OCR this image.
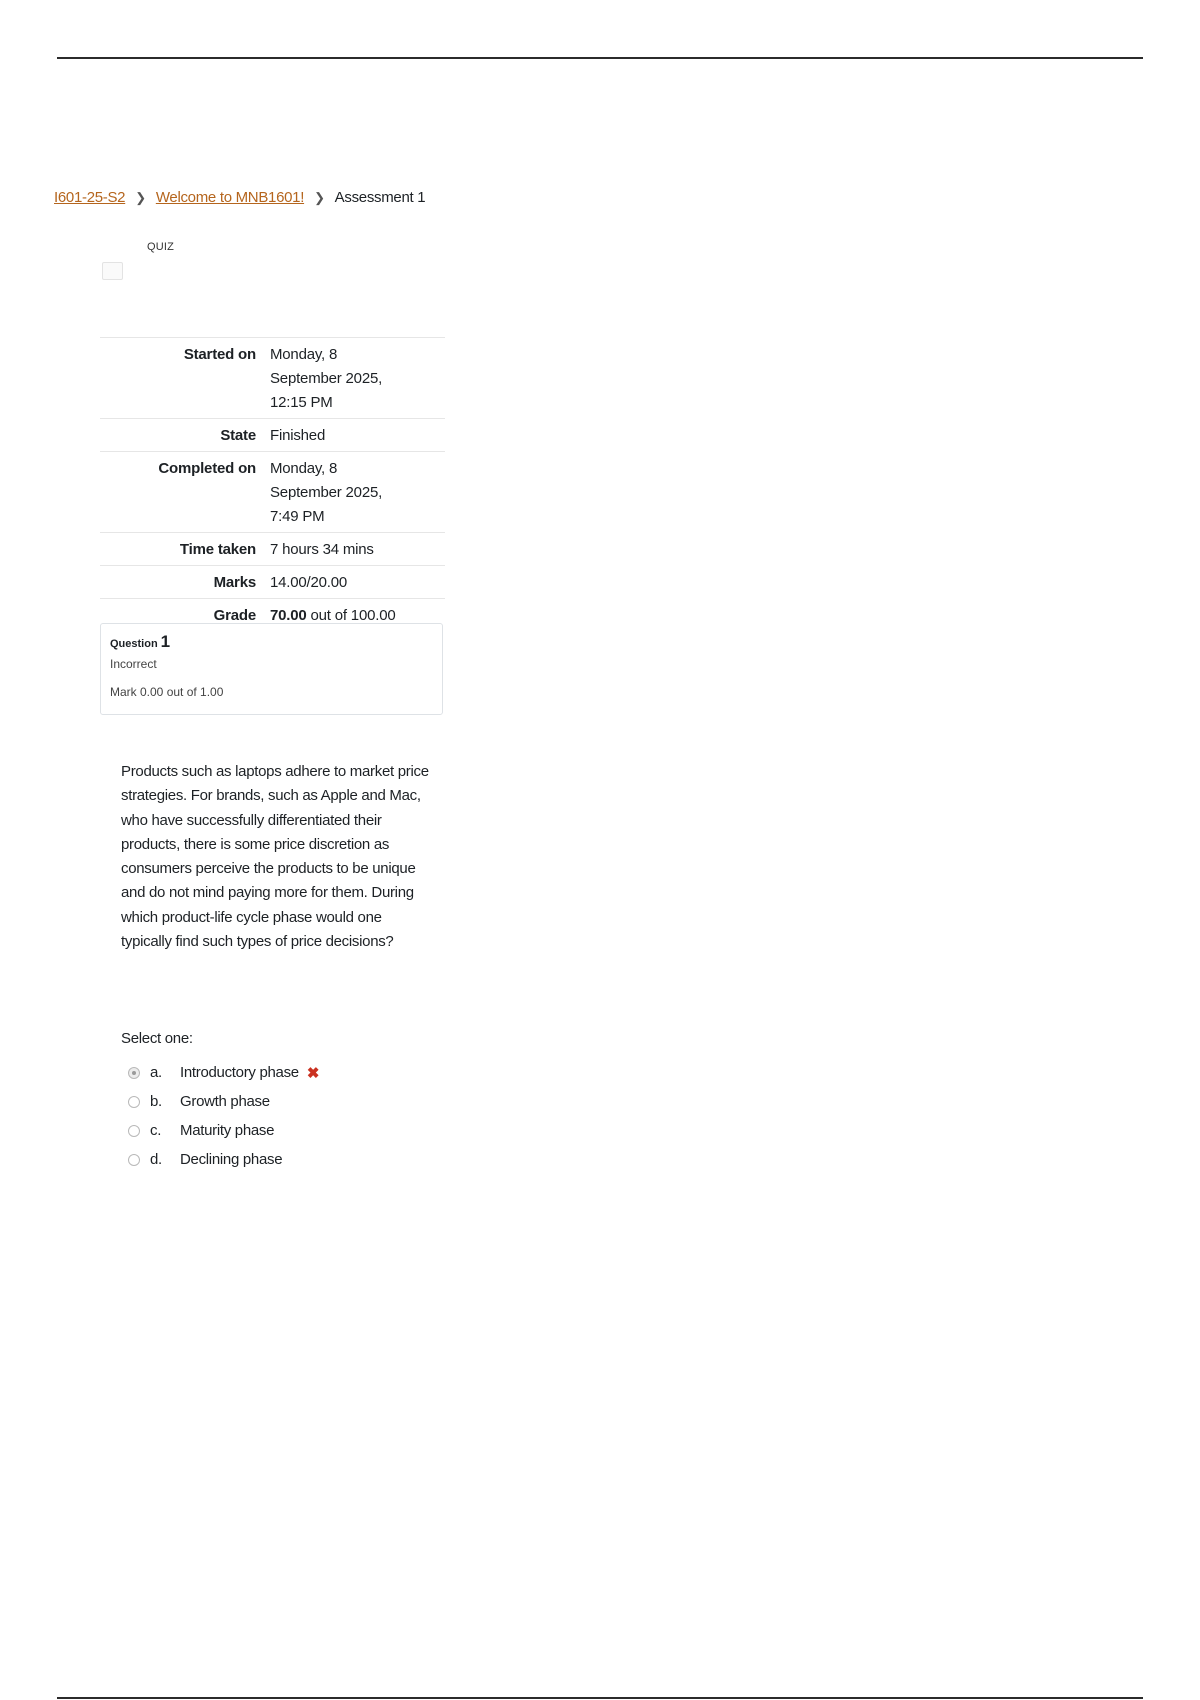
I601-25-S2 ❯ Welcome to MNB1601! ❯ Assessment 1
QUIZ
Started on	Monday, 8 September 2025, 12:15 PM

State	Finished
Completed on	Monday, 8 September 2025, 7:49 PM

Time taken	7 hours 34 mins
Marks	14.00/20.00
Grade	70.00 out of 100.00
Question 1
Incorrect
Mark 0.00 out of 1.00
Products such as laptops adhere to market price strategies. For brands, such as Apple and Mac, who have successfully differentiated their products, there is some price discretion as consumers perceive the products to be unique and do not mind paying more for them. During which product-life cycle phase would one typically find such types of price decisions?
Select one:
a.	Introductory phase ✖
b.	Growth phase
c.	Maturity phase
d.	Declining phase
